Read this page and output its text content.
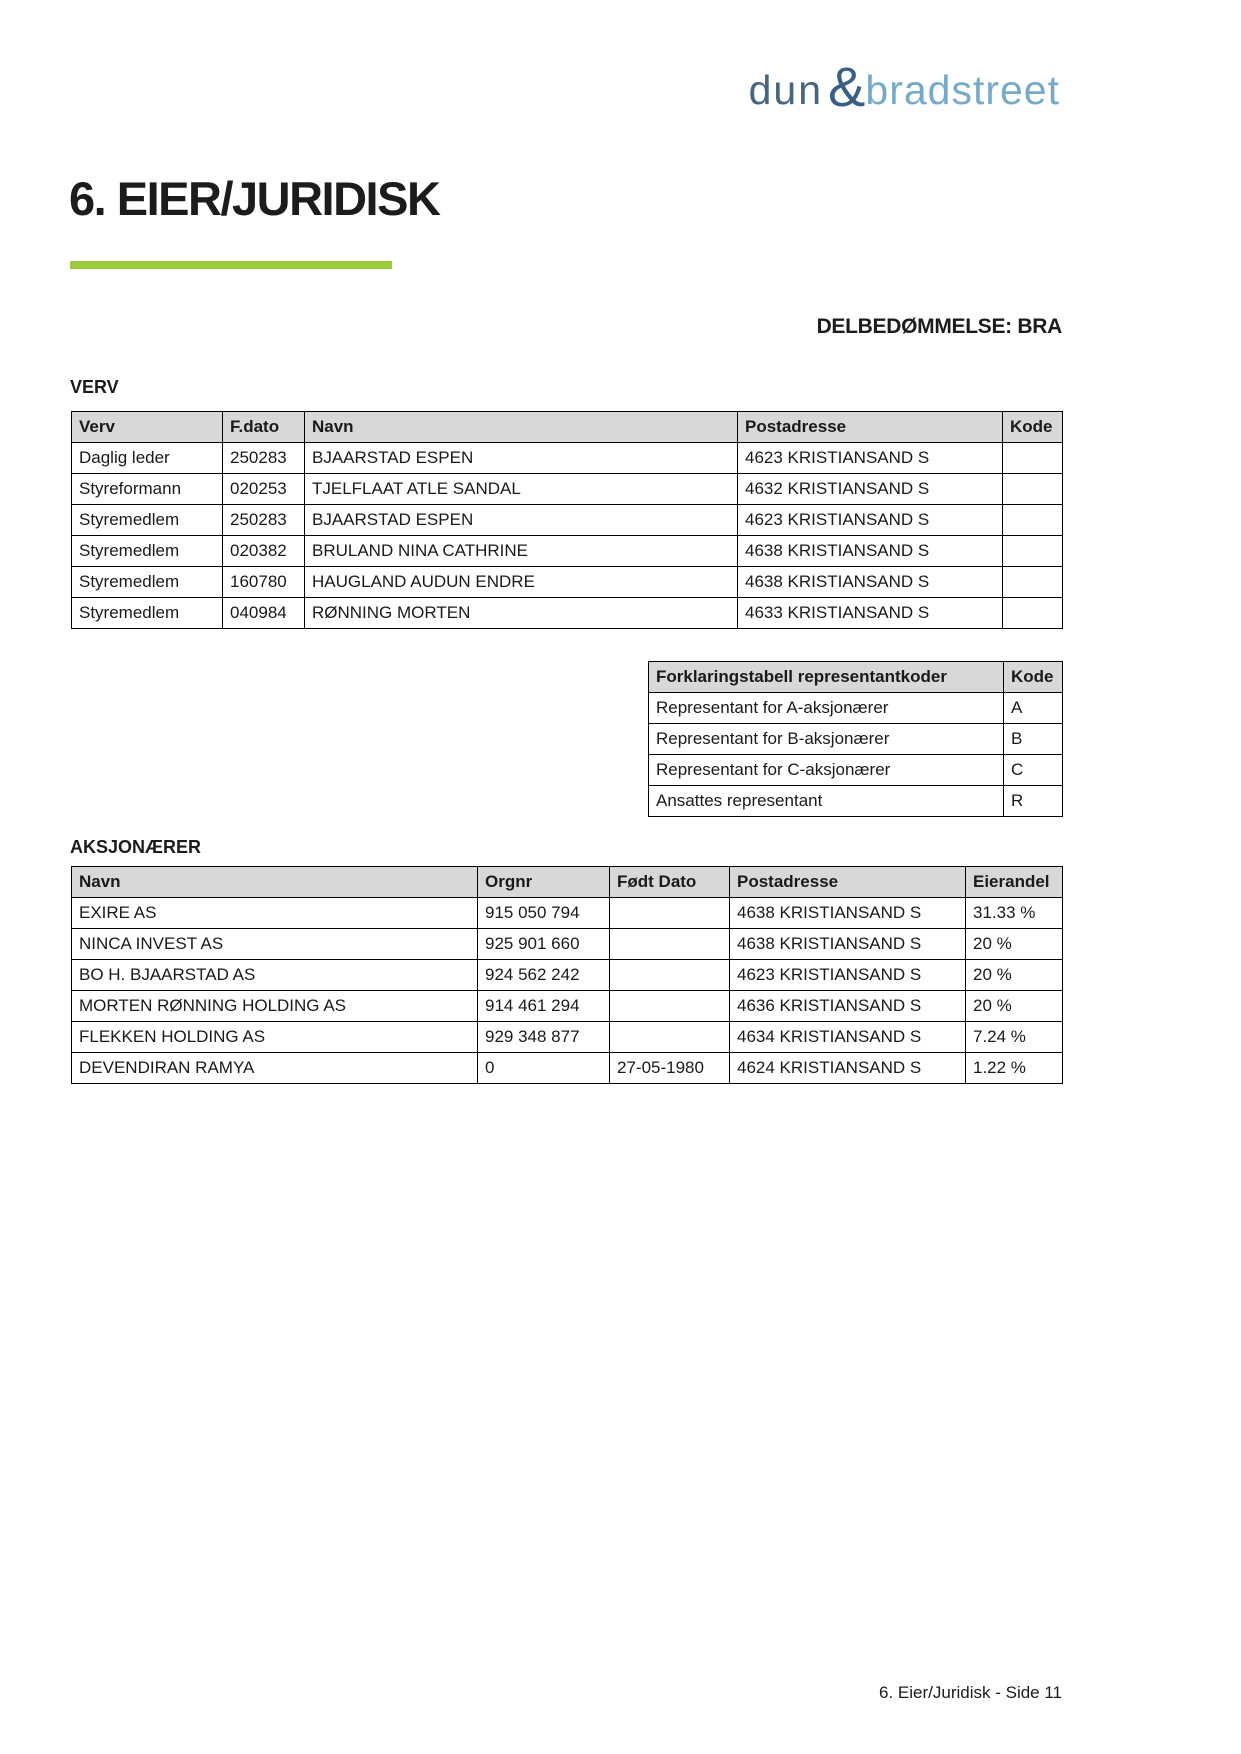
dun & bradstreet
6. EIER/JURIDISK
DELBEDØMMELSE: BRA
VERV
Verv	F.dato	Navn	Postadresse	Kode
Daglig leder	250283	BJAARSTAD ESPEN	4623 KRISTIANSAND S	
Styreformann	020253	TJELFLAAT ATLE SANDAL	4632 KRISTIANSAND S	
Styremedlem	250283	BJAARSTAD ESPEN	4623 KRISTIANSAND S	
Styremedlem	020382	BRULAND NINA CATHRINE	4638 KRISTIANSAND S	
Styremedlem	160780	HAUGLAND AUDUN ENDRE	4638 KRISTIANSAND S	
Styremedlem	040984	RØNNING MORTEN	4633 KRISTIANSAND S	
Forklaringstabell representantkoder	Kode
Representant for A-aksjonærer	A
Representant for B-aksjonærer	B
Representant for C-aksjonærer	C
Ansattes representant	R
AKSJONÆRER
Navn	Orgnr	Født Dato	Postadresse	Eierandel
EXIRE AS	915 050 794		4638 KRISTIANSAND S	31.33 %
NINCA INVEST AS	925 901 660		4638 KRISTIANSAND S	20 %
BO H. BJAARSTAD AS	924 562 242		4623 KRISTIANSAND S	20 %
MORTEN RØNNING HOLDING AS	914 461 294		4636 KRISTIANSAND S	20 %
FLEKKEN HOLDING AS	929 348 877		4634 KRISTIANSAND S	7.24 %
DEVENDIRAN RAMYA	0	27-05-1980	4624 KRISTIANSAND S	1.22 %
6. Eier/Juridisk - Side 11
